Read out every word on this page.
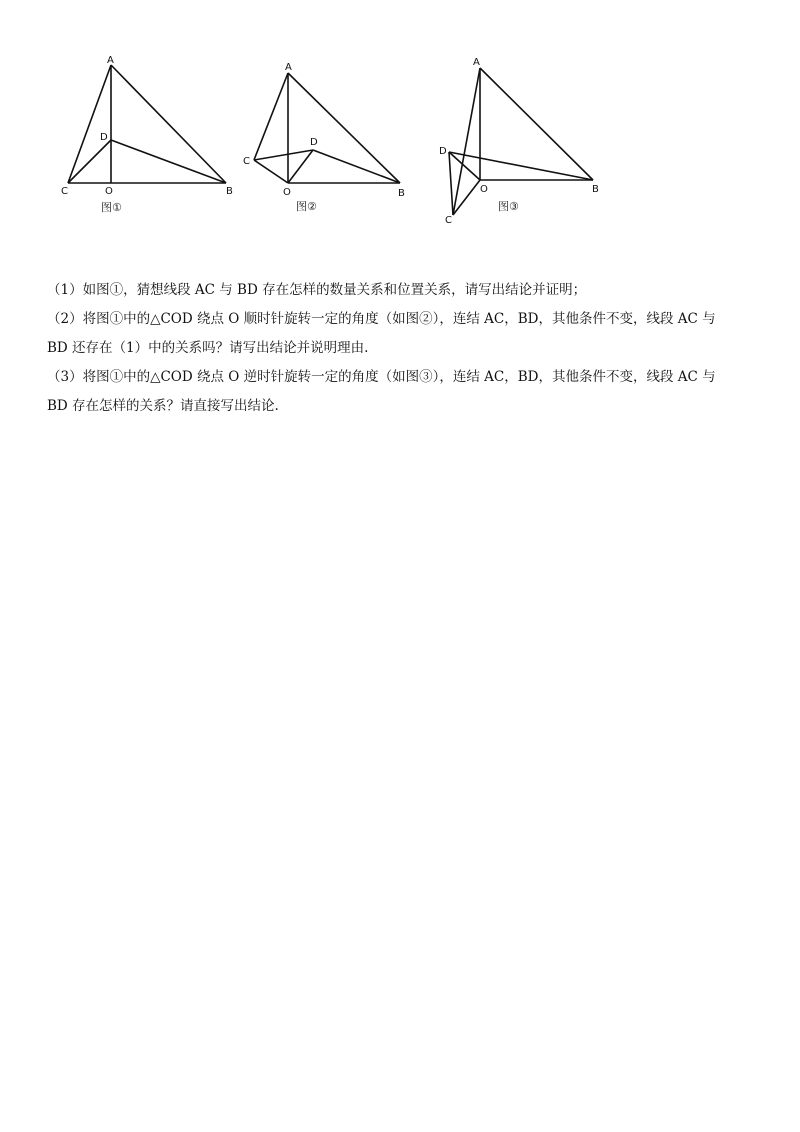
A
B
C
D
O
图①
A
B
C
D
O
图②
A
B
C
D
O
图③
（1）如图①，猜想线段 AC 与 BD 存在怎样的数量关系和位置关系，请写出结论并证明；
（2）将图①中的△COD 绕点 O 顺时针旋转一定的角度（如图②），连结 AC，BD，其他条件不变，线段 AC 与
BD 还存在（1）中的关系吗？请写出结论并说明理由.
（3）将图①中的△COD 绕点 O 逆时针旋转一定的角度（如图③），连结 AC，BD，其他条件不变，线段 AC 与
BD 存在怎样的关系？请直接写出结论.
